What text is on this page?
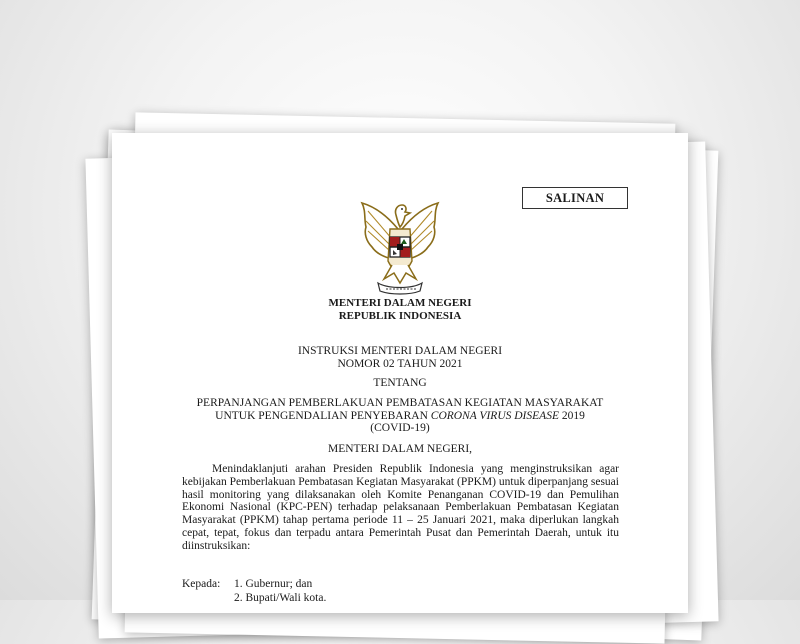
SALINAN
MENTERI DALAM NEGERI
REPUBLIK INDONESIA
INSTRUKSI MENTERI DALAM NEGERI
NOMOR 02 TAHUN 2021
TENTANG
PERPANJANGAN PEMBERLAKUAN PEMBATASAN KEGIATAN MASYARAKAT
UNTUK PENGENDALIAN PENYEBARAN CORONA VIRUS DISEASE 2019
(COVID-19)
MENTERI DALAM NEGERI,
Menindaklanjuti arahan Presiden Republik Indonesia yang menginstruksikan agar kebijakan Pemberlakuan Pembatasan Kegiatan Masyarakat (PPKM) untuk diperpanjang sesuai hasil monitoring yang dilaksanakan oleh Komite Penanganan COVID-19 dan Pemulihan Ekonomi Nasional (KPC-PEN) terhadap pelaksanaan Pemberlakuan Pembatasan Kegiatan Masyarakat (PPKM) tahap pertama periode 11 – 25 Januari 2021, maka diperlukan langkah cepat, tepat, fokus dan terpadu antara Pemerintah Pusat dan Pemerintah Daerah, untuk itu diinstruksikan:
Kepada: 1. Gubernur; dan
2. Bupati/Wali kota.
